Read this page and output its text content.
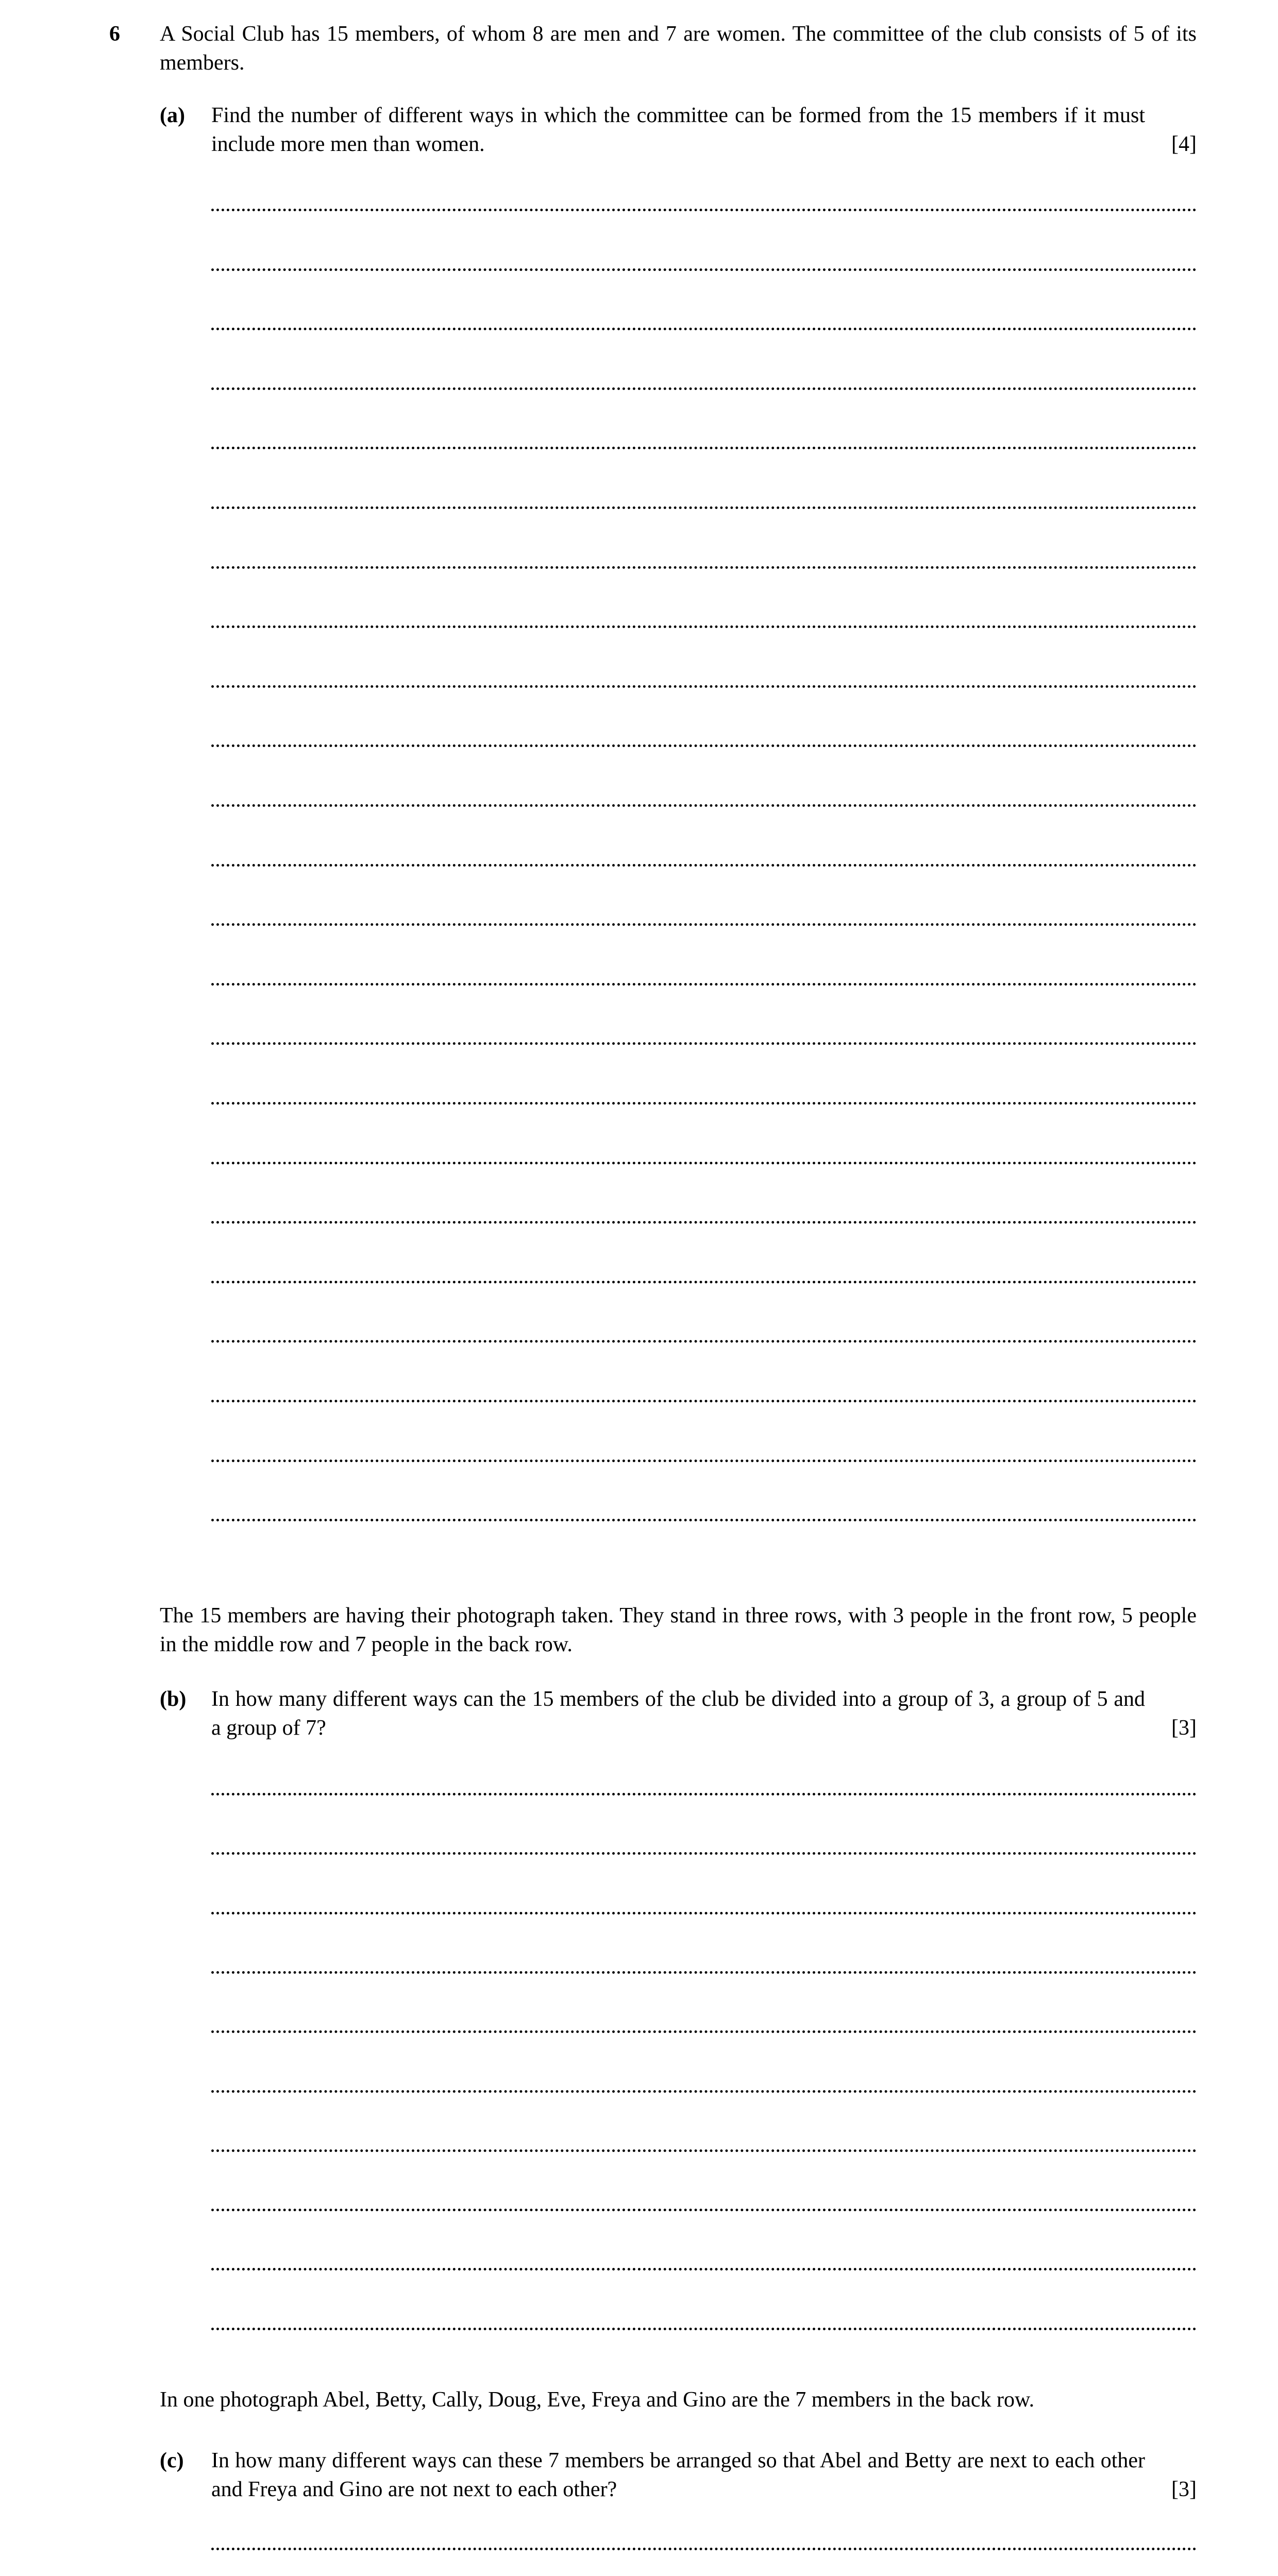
6 A Social Club has 15 members, of whom 8 are men and 7 are women. The committee of the club consists of 5 of its members.
(a) Find the number of different ways in which the committee can be formed from the 15 members if it must include more men than women.	[4]
The 15 members are having their photograph taken. They stand in three rows, with 3 people in the front row, 5 people in the middle row and 7 people in the back row.
(b) In how many different ways can the 15 members of the club be divided into a group of 3, a group of 5 and a group of 7?	[3]
In one photograph Abel, Betty, Cally, Doug, Eve, Freya and Gino are the 7 members in the back row.
(c) In how many different ways can these 7 members be arranged so that Abel and Betty are next to each other and Freya and Gino are not next to each other?	[3]
